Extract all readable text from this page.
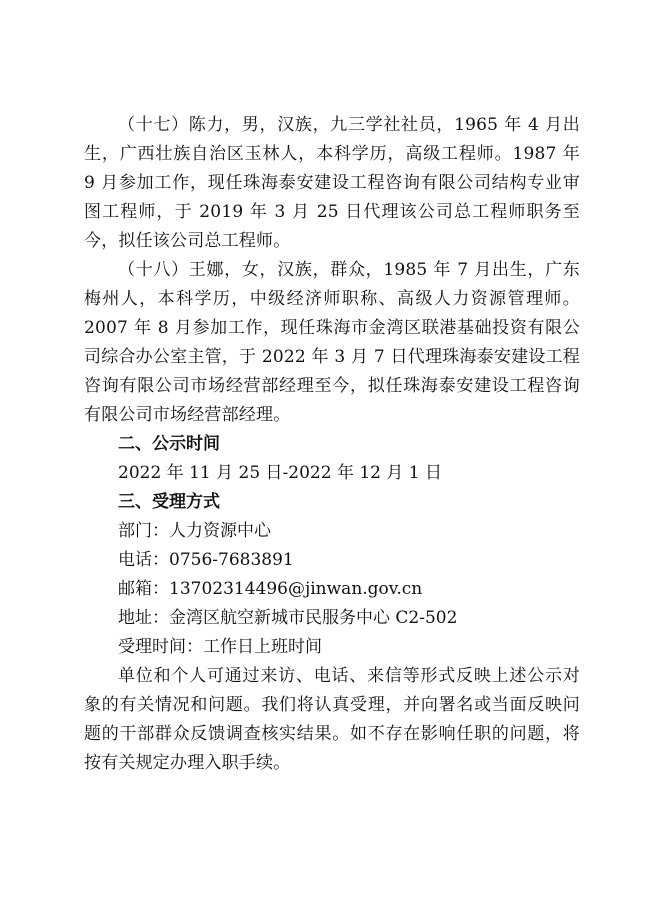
（十七）陈力，男，汉族，九三学社社员，1965 年 4 月出生，广西壮族自治区玉林人，本科学历，高级工程师。1987 年 9 月参加工作，现任珠海泰安建设工程咨询有限公司结构专业审图工程师，于 2019 年 3 月 25 日代理该公司总工程师职务至今，拟任该公司总工程师。

（十八）王娜，女，汉族，群众，1985 年 7 月出生，广东梅州人，本科学历，中级经济师职称、高级人力资源管理师。2007 年 8 月参加工作，现任珠海市金湾区联港基础投资有限公司综合办公室主管，于 2022 年 3 月 7 日代理珠海泰安建设工程咨询有限公司市场经营部经理至今，拟任珠海泰安建设工程咨询有限公司市场经营部经理。

二、公示时间

2022 年 11 月 25 日-2022 年 12 月 1 日

三、受理方式

部门：人力资源中心

电话：0756-7683891

邮箱：13702314496@jinwan.gov.cn

地址：金湾区航空新城市民服务中心 C2-502

受理时间：工作日上班时间

单位和个人可通过来访、电话、来信等形式反映上述公示对象的有关情况和问题。我们将认真受理，并向署名或当面反映问题的干部群众反馈调查核实结果。如不存在影响任职的问题，将按有关规定办理入职手续。
